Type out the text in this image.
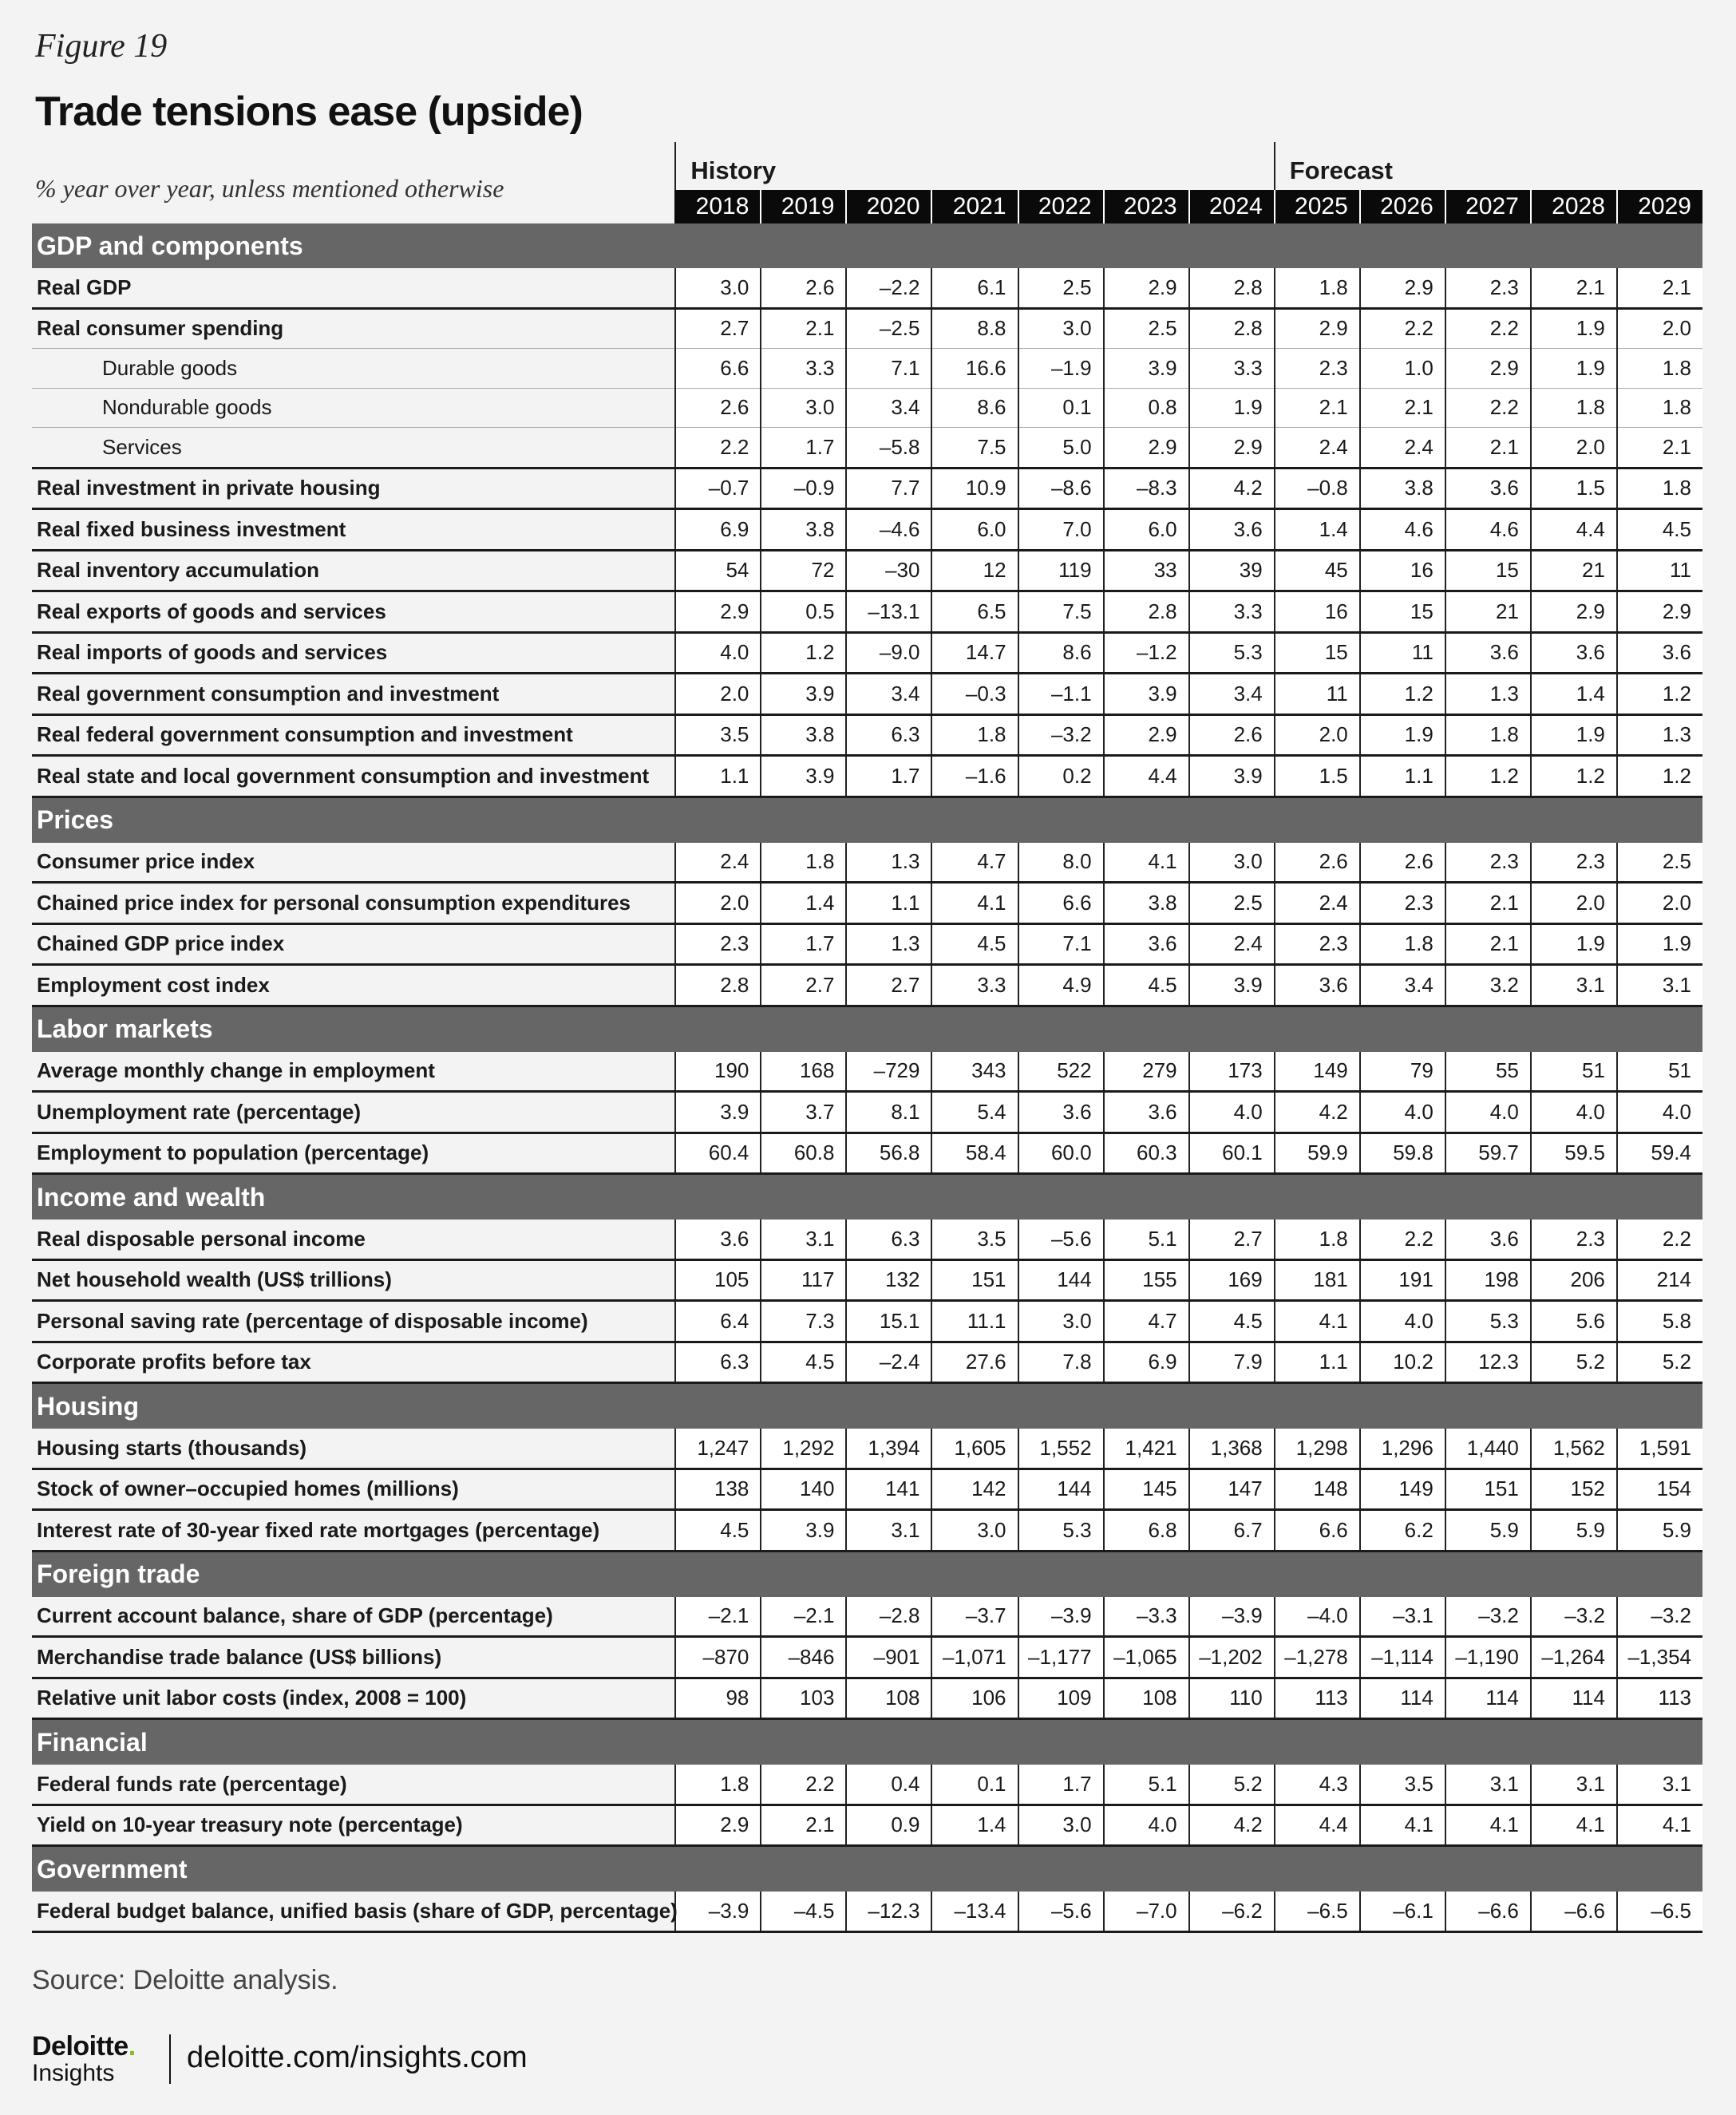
Figure 19
Trade tensions ease (upside)
% year over year, unless mentioned otherwise
	History							Forecast				
	2018	2019	2020	2021	2022	2023	2024	2025	2026	2027	2028	2029
GDP and components												
Real GDP	3.0	2.6	–2.2	6.1	2.5	2.9	2.8	1.8	2.9	2.3	2.1	2.1
Real consumer spending	2.7	2.1	–2.5	8.8	3.0	2.5	2.8	2.9	2.2	2.2	1.9	2.0
Durable goods	6.6	3.3	7.1	16.6	–1.9	3.9	3.3	2.3	1.0	2.9	1.9	1.8
Nondurable goods	2.6	3.0	3.4	8.6	0.1	0.8	1.9	2.1	2.1	2.2	1.8	1.8
Services	2.2	1.7	–5.8	7.5	5.0	2.9	2.9	2.4	2.4	2.1	2.0	2.1
Real investment in private housing	–0.7	–0.9	7.7	10.9	–8.6	–8.3	4.2	–0.8	3.8	3.6	1.5	1.8
Real fixed business investment	6.9	3.8	–4.6	6.0	7.0	6.0	3.6	1.4	4.6	4.6	4.4	4.5
Real inventory accumulation	54	72	–30	12	119	33	39	45	16	15	21	11
Real exports of goods and services	2.9	0.5	–13.1	6.5	7.5	2.8	3.3	16	15	21	2.9	2.9
Real imports of goods and services	4.0	1.2	–9.0	14.7	8.6	–1.2	5.3	15	11	3.6	3.6	3.6
Real government consumption and investment	2.0	3.9	3.4	–0.3	–1.1	3.9	3.4	11	1.2	1.3	1.4	1.2
Real federal government consumption and investment	3.5	3.8	6.3	1.8	–3.2	2.9	2.6	2.0	1.9	1.8	1.9	1.3
Real state and local government consumption and investment	1.1	3.9	1.7	–1.6	0.2	4.4	3.9	1.5	1.1	1.2	1.2	1.2
Prices												
Consumer price index	2.4	1.8	1.3	4.7	8.0	4.1	3.0	2.6	2.6	2.3	2.3	2.5
Chained price index for personal consumption expenditures	2.0	1.4	1.1	4.1	6.6	3.8	2.5	2.4	2.3	2.1	2.0	2.0
Chained GDP price index	2.3	1.7	1.3	4.5	7.1	3.6	2.4	2.3	1.8	2.1	1.9	1.9
Employment cost index	2.8	2.7	2.7	3.3	4.9	4.5	3.9	3.6	3.4	3.2	3.1	3.1
Labor markets												
Average monthly change in employment	190	168	–729	343	522	279	173	149	79	55	51	51
Unemployment rate (percentage)	3.9	3.7	8.1	5.4	3.6	3.6	4.0	4.2	4.0	4.0	4.0	4.0
Employment to population (percentage)	60.4	60.8	56.8	58.4	60.0	60.3	60.1	59.9	59.8	59.7	59.5	59.4
Income and wealth												
Real disposable personal income	3.6	3.1	6.3	3.5	–5.6	5.1	2.7	1.8	2.2	3.6	2.3	2.2
Net household wealth (US$ trillions)	105	117	132	151	144	155	169	181	191	198	206	214
Personal saving rate (percentage of disposable income)	6.4	7.3	15.1	11.1	3.0	4.7	4.5	4.1	4.0	5.3	5.6	5.8
Corporate profits before tax	6.3	4.5	–2.4	27.6	7.8	6.9	7.9	1.1	10.2	12.3	5.2	5.2
Housing												
Housing starts (thousands)	1,247	1,292	1,394	1,605	1,552	1,421	1,368	1,298	1,296	1,440	1,562	1,591
Stock of owner–occupied homes (millions)	138	140	141	142	144	145	147	148	149	151	152	154
Interest rate of 30-year fixed rate mortgages (percentage)	4.5	3.9	3.1	3.0	5.3	6.8	6.7	6.6	6.2	5.9	5.9	5.9
Foreign trade												
Current account balance, share of GDP (percentage)	–2.1	–2.1	–2.8	–3.7	–3.9	–3.3	–3.9	–4.0	–3.1	–3.2	–3.2	–3.2
Merchandise trade balance (US$ billions)	–870	–846	–901	–1,071	–1,177	–1,065	–1,202	–1,278	–1,114	–1,190	–1,264	–1,354
Relative unit labor costs (index, 2008 = 100)	98	103	108	106	109	108	110	113	114	114	114	113
Financial												
Federal funds rate (percentage)	1.8	2.2	0.4	0.1	1.7	5.1	5.2	4.3	3.5	3.1	3.1	3.1
Yield on 10-year treasury note (percentage)	2.9	2.1	0.9	1.4	3.0	4.0	4.2	4.4	4.1	4.1	4.1	4.1
Government												
Federal budget balance, unified basis (share of GDP, percentage)	–3.9	–4.5	–12.3	–13.4	–5.6	–7.0	–6.2	–6.5	–6.1	–6.6	–6.6	–6.5
Source: Deloitte analysis.
Deloitte.
Insights deloitte.com/insights.com
